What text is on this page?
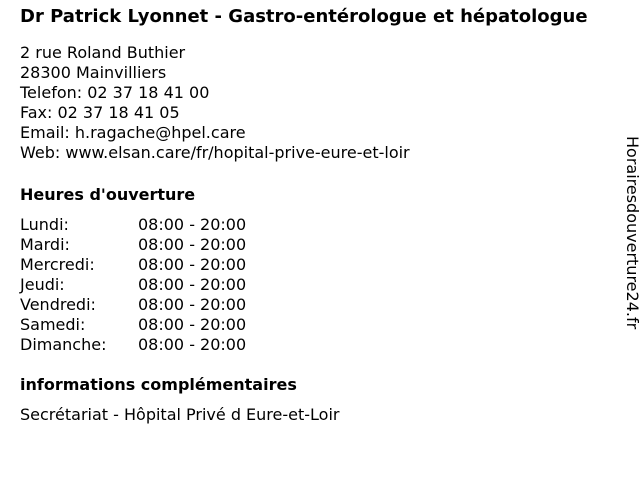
Dr Patrick Lyonnet - Gastro-entérologue et hépatologue
2 rue Roland Buthier
28300 Mainvilliers
Telefon: 02 37 18 41 00
Fax: 02 37 18 41 05
Email: h.ragache@hpel.care
Web: www.elsan.care/fr/hopital-prive-eure-et-loir
Heures d'ouverture
Lundi:	08:00 - 20:00
Mardi:	08:00 - 20:00
Mercredi:	08:00 - 20:00
Jeudi:	08:00 - 20:00
Vendredi:	08:00 - 20:00
Samedi:	08:00 - 20:00
Dimanche:	08:00 - 20:00
informations complémentaires
Secrétariat - Hôpital Privé d Eure-et-Loir
Horairesdouverture24.fr
